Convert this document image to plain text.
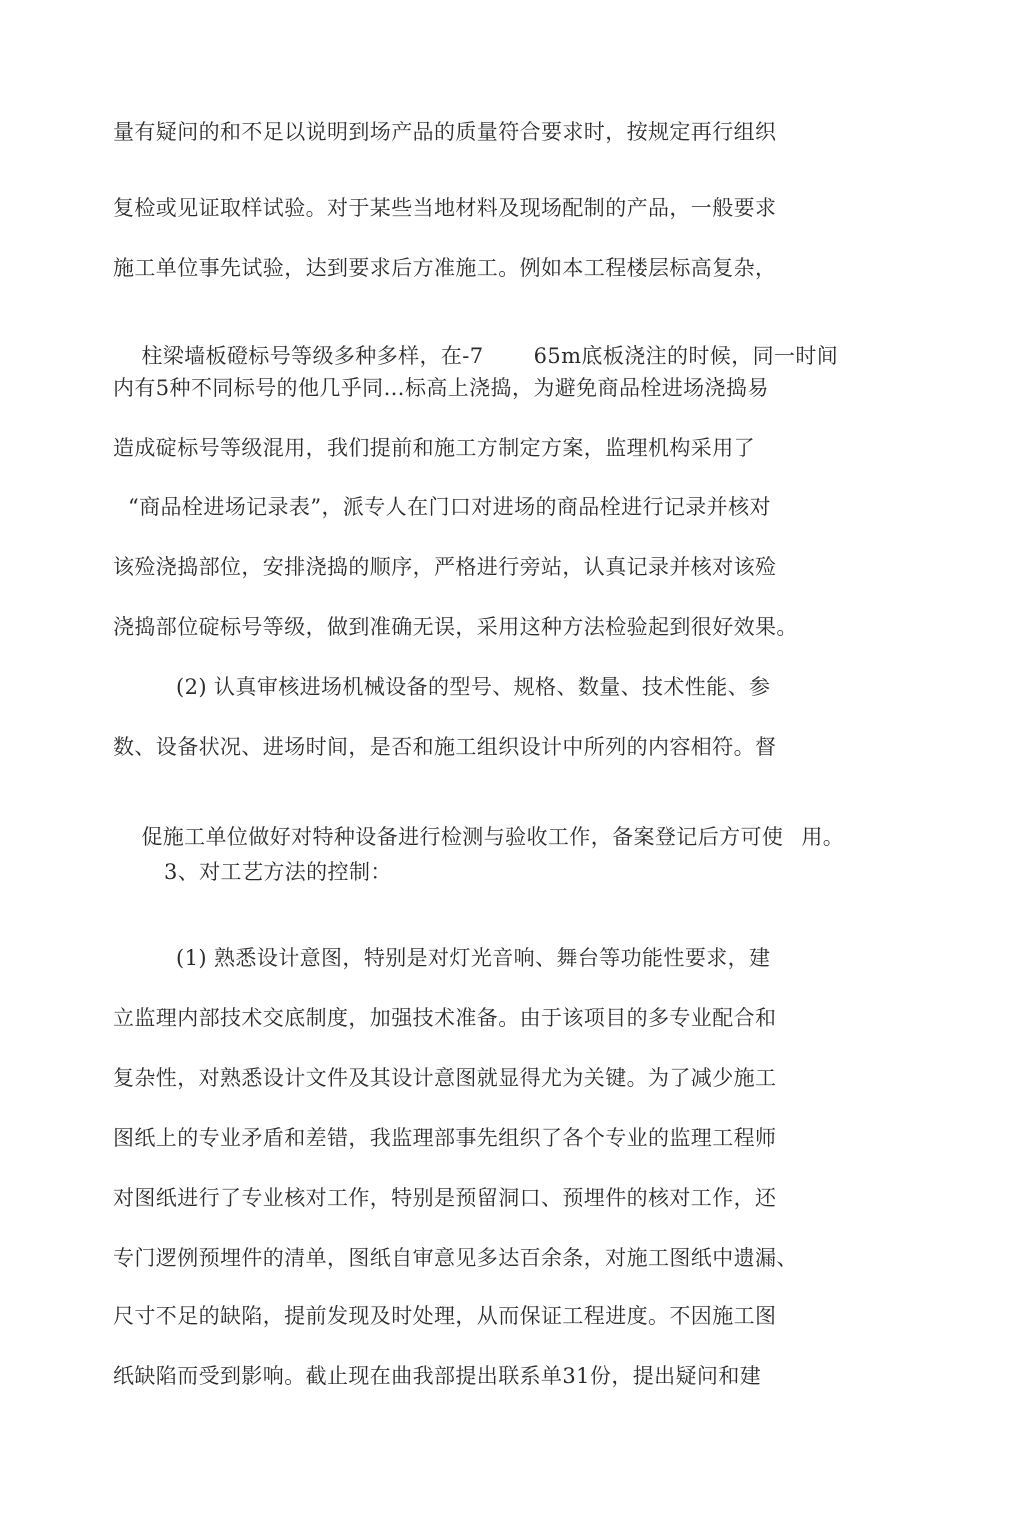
量有疑问的和不足以说明到场产品的质量符合要求时，按规定再行组织
复检或见证取样试验。对于某些当地材料及现场配制的产品，一般要求
施工单位事先试验，达到要求后方准施工。例如本工程楼层标高复杂，

柱梁墙板磴标号等级多种多样，在-7 65m底板浇注的时候，同一时间

内有5种不同标号的他几乎同…标高上浇捣，为避免商品栓进场浇捣易
造成碇标号等级混用，我们提前和施工方制定方案，监理机构采用了
“商品栓进场记录表”，派专人在门口对进场的商品栓进行记录并核对
该殓浇捣部位，安排浇捣的顺序，严格进行旁站，认真记录并核对该殓
浇捣部位碇标号等级，做到准确无误，采用这种方法检验起到很好效果。
(2) 认真审核进场机械设备的型号、规格、数量、技术性能、参
数、设备状况、进场时间，是否和施工组织设计中所列的内容相符。督

促施工单位做好对特种设备进行检测与验收工作，备案登记后方可使 用。

3、对工艺方法的控制：
(1) 熟悉设计意图，特别是对灯光音响、舞台等功能性要求，建
立监理内部技术交底制度，加强技术准备。由于该项目的多专业配合和
复杂性，对熟悉设计文件及其设计意图就显得尤为关键。为了减少施工
图纸上的专业矛盾和差错，我监理部事先组织了各个专业的监理工程师
对图纸进行了专业核对工作，特别是预留洞口、预埋件的核对工作，还
专门逻例预埋件的清单，图纸自审意见多达百余条，对施工图纸中遗漏、
尺寸不足的缺陷，提前发现及时处理，从而保证工程进度。不因施工图
纸缺陷而受到影响。截止现在曲我部提出联系单31份，提出疑问和建
